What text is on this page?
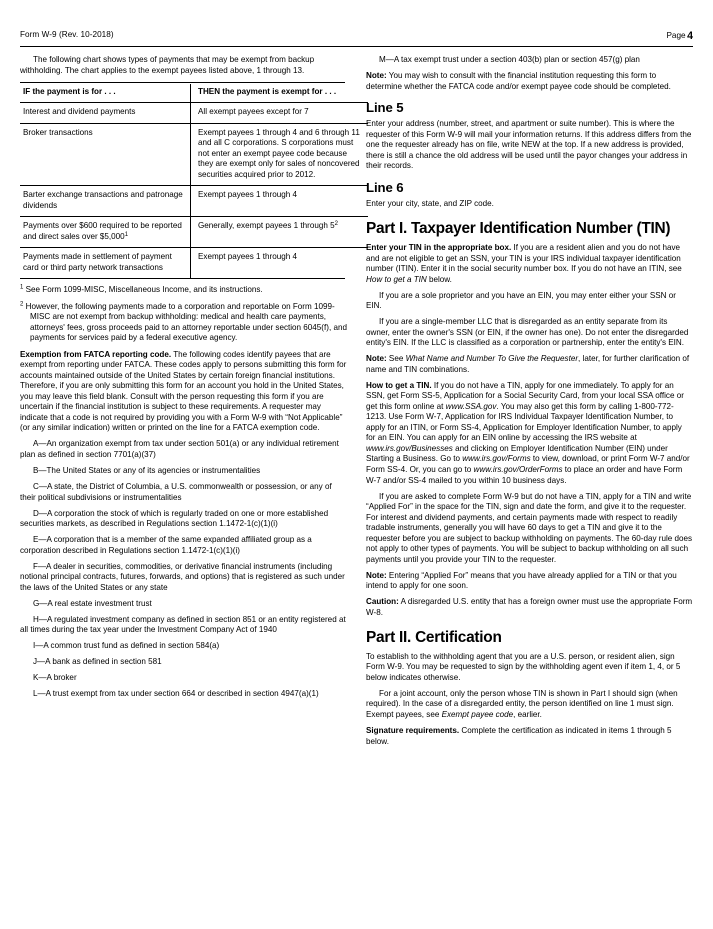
Form W-9 (Rev. 10-2018)	Page 4

The following chart shows types of payments that may be exempt from backup withholding. The chart applies to the exempt payees listed above, 1 through 13.

IF the payment is for . . .	THEN the payment is exempt for . . .
Interest and dividend payments	All exempt payees except for 7
Broker transactions	Exempt payees 1 through 4 and 6 through 11 and all C corporations. S corporations must not enter an exempt payee code because they are exempt only for sales of noncovered securities acquired prior to 2012.
Barter exchange transactions and patronage dividends	Exempt payees 1 through 4
Payments over $600 required to be reported and direct sales over $5,000$^1$	Generally, exempt payees 1 through $5^2$
Payments made in settlement of payment card or third party network transactions	Exempt payees 1 through 4

$^1$ See Form 1099-MISC, Miscellaneous Income, and its instructions.

$^2$ However, the following payments made to a corporation and reportable on Form 1099-MISC are not exempt from backup withholding: medical and health care payments, attorneys' fees, gross proceeds paid to an attorney reportable under section 6045(f), and payments for services paid by a federal executive agency.

Exemption from FATCA reporting code. The following codes identify payees that are exempt from reporting under FATCA. These codes apply to persons submitting this form for accounts maintained outside of the United States by certain foreign financial institutions. Therefore, if you are only submitting this form for an account you hold in the United States, you may leave this field blank. Consult with the person requesting this form if you are uncertain if the financial institution is subject to these requirements. A requester may indicate that a code is not required by providing you with a Form W-9 with “Not Applicable” (or any similar indication) written or printed on the line for a FATCA exemption code.

A—An organization exempt from tax under section 501(a) or any individual retirement plan as defined in section 7701(a)(37)

B—The United States or any of its agencies or instrumentalities

C—A state, the District of Columbia, a U.S. commonwealth or possession, or any of their political subdivisions or instrumentalities

D—A corporation the stock of which is regularly traded on one or more established securities markets, as described in Regulations section 1.1472-1(c)(1)(i)

E—A corporation that is a member of the same expanded affiliated group as a corporation described in Regulations section 1.1472-1(c)(1)(i)

F—A dealer in securities, commodities, or derivative financial instruments (including notional principal contracts, futures, forwards, and options) that is registered as such under the laws of the United States or any state

G—A real estate investment trust

H—A regulated investment company as defined in section 851 or an entity registered at all times during the tax year under the Investment Company Act of 1940

I—A common trust fund as defined in section 584(a)

J—A bank as defined in section 581

K—A broker

L—A trust exempt from tax under section 664 or described in section 4947(a)(1)

M—A tax exempt trust under a section 403(b) plan or section 457(g) plan

Note: You may wish to consult with the financial institution requesting this form to determine whether the FATCA code and/or exempt payee code should be completed.

Line 5

Enter your address (number, street, and apartment or suite number). This is where the requester of this Form W-9 will mail your information returns. If this address differs from the one the requester already has on file, write NEW at the top. If a new address is provided, there is still a chance the old address will be used until the payor changes your address in their records.

Line 6

Enter your city, state, and ZIP code.

Part I. Taxpayer Identification Number (TIN)

Enter your TIN in the appropriate box. If you are a resident alien and you do not have and are not eligible to get an SSN, your TIN is your IRS individual taxpayer identification number (ITIN). Enter it in the social security number box. If you do not have an ITIN, see How to get a TIN below.

If you are a sole proprietor and you have an EIN, you may enter either your SSN or EIN.

If you are a single-member LLC that is disregarded as an entity separate from its owner, enter the owner's SSN (or EIN, if the owner has one). Do not enter the disregarded entity's EIN. If the LLC is classified as a corporation or partnership, enter the entity's EIN.

Note: See What Name and Number To Give the Requester, later, for further clarification of name and TIN combinations.

How to get a TIN. If you do not have a TIN, apply for one immediately. To apply for an SSN, get Form SS-5, Application for a Social Security Card, from your local SSA office or get this form online at www.SSA.gov. You may also get this form by calling 1-800-772-1213. Use Form W-7, Application for IRS Individual Taxpayer Identification Number, to apply for an ITIN, or Form SS-4, Application for Employer Identification Number, to apply for an EIN. You can apply for an EIN online by accessing the IRS website at www.irs.gov/Businesses and clicking on Employer Identification Number (EIN) under Starting a Business. Go to www.irs.gov/Forms to view, download, or print Form W-7 and/or Form SS-4. Or, you can go to www.irs.gov/OrderForms to place an order and have Form W-7 and/or SS-4 mailed to you within 10 business days.

If you are asked to complete Form W-9 but do not have a TIN, apply for a TIN and write “Applied For” in the space for the TIN, sign and date the form, and give it to the requester. For interest and dividend payments, and certain payments made with respect to readily tradable instruments, generally you will have 60 days to get a TIN and give it to the requester before you are subject to backup withholding on payments. The 60-day rule does not apply to other types of payments. You will be subject to backup withholding on all such payments until you provide your TIN to the requester.

Note: Entering “Applied For” means that you have already applied for a TIN or that you intend to apply for one soon.

Caution: A disregarded U.S. entity that has a foreign owner must use the appropriate Form W-8.

Part II. Certification

To establish to the withholding agent that you are a U.S. person, or resident alien, sign Form W-9. You may be requested to sign by the withholding agent even if item 1, 4, or 5 below indicates otherwise.

For a joint account, only the person whose TIN is shown in Part I should sign (when required). In the case of a disregarded entity, the person identified on line 1 must sign. Exempt payees, see Exempt payee code, earlier.

Signature requirements. Complete the certification as indicated in items 1 through 5 below.
